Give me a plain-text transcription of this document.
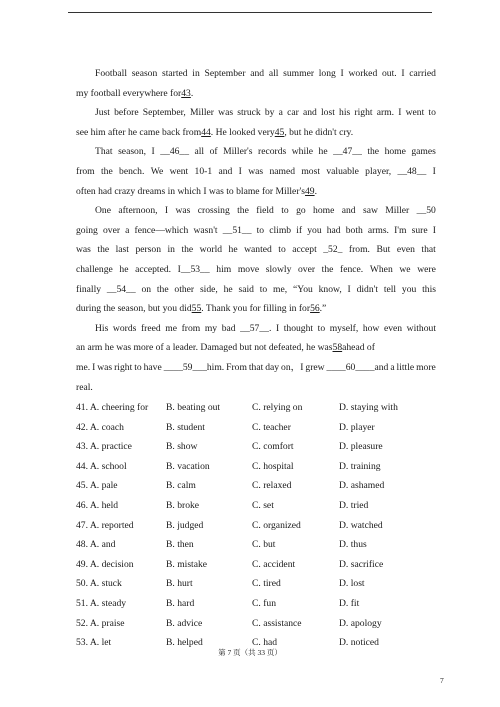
Football season started in September and all summer long I worked out. I carried
my football everywhere for 43 .
Just before September, Miller was struck by a car and lost his right arm. I went to
see him after he came back from 44 . He looked very 45 , but he didn't cry.
That season, I __46__ all of Miller's records while he __47__ the home games
from the bench. We went 10-1 and I was named most valuable player, __48__ I
often had crazy dreams in which I was to blame for Miller's 49 .
One afternoon, I was crossing the field to go home and saw Miller __50
going over a fence—which wasn't __51__ to climb if you had both arms. I'm sure I
was the last person in the world he wanted to accept _52_ from. But even that
challenge he accepted. I__53__ him move slowly over the fence. When we were
finally __54__ on the other side, he said to me, “You know, I didn't tell you this
during the season, but you did 55 . Thank you for filling in for 56 .”
His words freed me from my bad __57__. I thought to myself, how even without
an arm he was more of a leader. Damaged but not defeated, he was 58 ahead of
me. I was right to have ____59___him. From that day on，I grew ____60____and a little more
real.
41. A. cheering for	B. beating out	C. relying on	D. staying with
42. A. coach	B. student	C. teacher	D. player
43. A. practice	B. show	C. comfort	D. pleasure
44. A. school	B. vacation	C. hospital	D. training
45. A. pale	B. calm	C. relaxed	D. ashamed
46. A. held	B. broke	C. set	D. tried
47. A. reported	B. judged	C. organized	D. watched
48. A. and	B. then	C. but	D. thus
49. A. decision	B. mistake	C. accident	D. sacrifice
50. A. stuck	B. hurt	C. tired	D. lost
51. A. steady	B. hard	C. fun	D. fit
52. A. praise	B. advice	C. assistance	D. apology
53. A. let	B. helped	C. had	D. noticed
第 7 页（共 33 页）
7
